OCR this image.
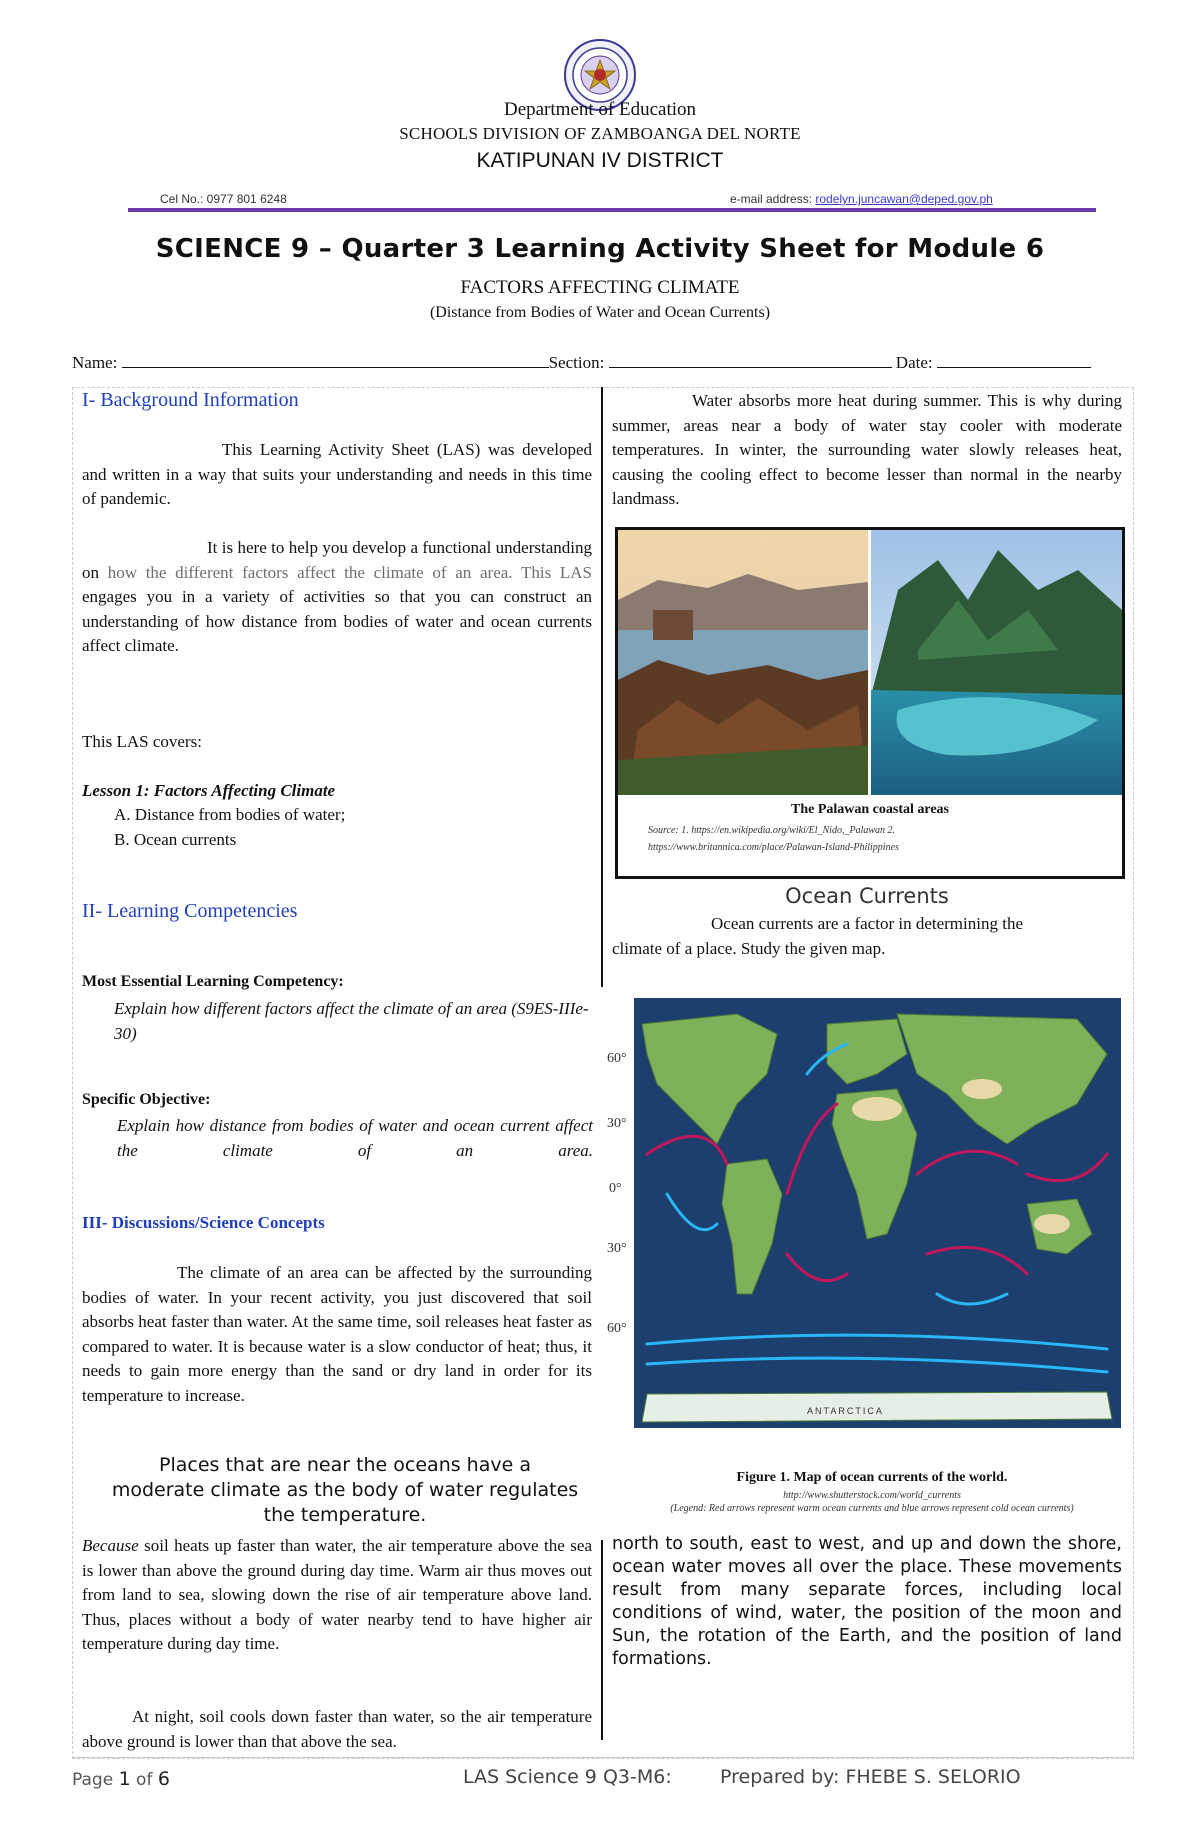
Department of Education
SCHOOLS DIVISION OF ZAMBOANGA DEL NORTE
KATIPUNAN IV DISTRICT
Cel No.: 0977 801 6248	e-mail address: rodelyn.juncawan@deped.gov.ph
SCIENCE 9 – Quarter 3 Learning Activity Sheet for Module 6
FACTORS AFFECTING CLIMATE
(Distance from Bodies of Water and Ocean Currents)
Name:	Section:	Date:
I- Background Information
This Learning Activity Sheet (LAS) was developed and written in a way that suits your understanding and needs in this time of pandemic.
It is here to help you develop a functional understanding on how the different factors affect the climate of an area. This LAS engages you in a variety of activities so that you can construct an understanding of how distance from bodies of water and ocean currents affect climate.
This LAS covers:
Lesson 1: Factors Affecting Climate
A. Distance from bodies of water;
B. Ocean currents
II- Learning Competencies
Most Essential Learning Competency:
Explain how different factors affect the climate of an area (S9ES-IIIe-30)
Specific Objective:
Explain how distance from bodies of water and ocean current affect the climate of an area.
III- Discussions/Science Concepts
The climate of an area can be affected by the surrounding bodies of water. In your recent activity, you just discovered that soil absorbs heat faster than water. At the same time, soil releases heat faster as compared to water. It is because water is a slow conductor of heat; thus, it needs to gain more energy than the sand or dry land in order for its temperature to increase.
Places that are near the oceans have a moderate climate as the body of water regulates the temperature.
Because soil heats up faster than water, the air temperature above the sea is lower than above the ground during day time. Warm air thus moves out from land to sea, slowing down the rise of air temperature above land. Thus, places without a body of water nearby tend to have higher air temperature during day time.
At night, soil cools down faster than water, so the air temperature above ground is lower than that above the sea.
Water absorbs more heat during summer. This is why during summer, areas near a body of water stay cooler with moderate temperatures. In winter, the surrounding water slowly releases heat, causing the cooling effect to become lesser than normal in the nearby landmass.
The Palawan coastal areas
Source: 1. https://en.wikipedia.org/wiki/El_Nido,_Palawan 2.
https://www.britannica.com/place/Palawan-Island-Philippines
Ocean Currents
Ocean currents are a factor in determining the
climate of a place. Study the given map.
60°
30°
0°
30°
60°
ANTARCTICA
Figure 1. Map of ocean currents of the world.
http://www.shutterstock.com/world_currents
(Legend: Red arrows represent warm ocean currents and blue arrows represent cold ocean currents)
north to south, east to west, and up and down the shore, ocean water moves all over the place. These movements result from many separate forces, including local conditions of wind, water, the position of the moon and Sun, the rotation of the Earth, and the position of land formations.
Page 1 of 6	LAS Science 9 Q3-M6:	Prepared by: FHEBE S. SELORIO
